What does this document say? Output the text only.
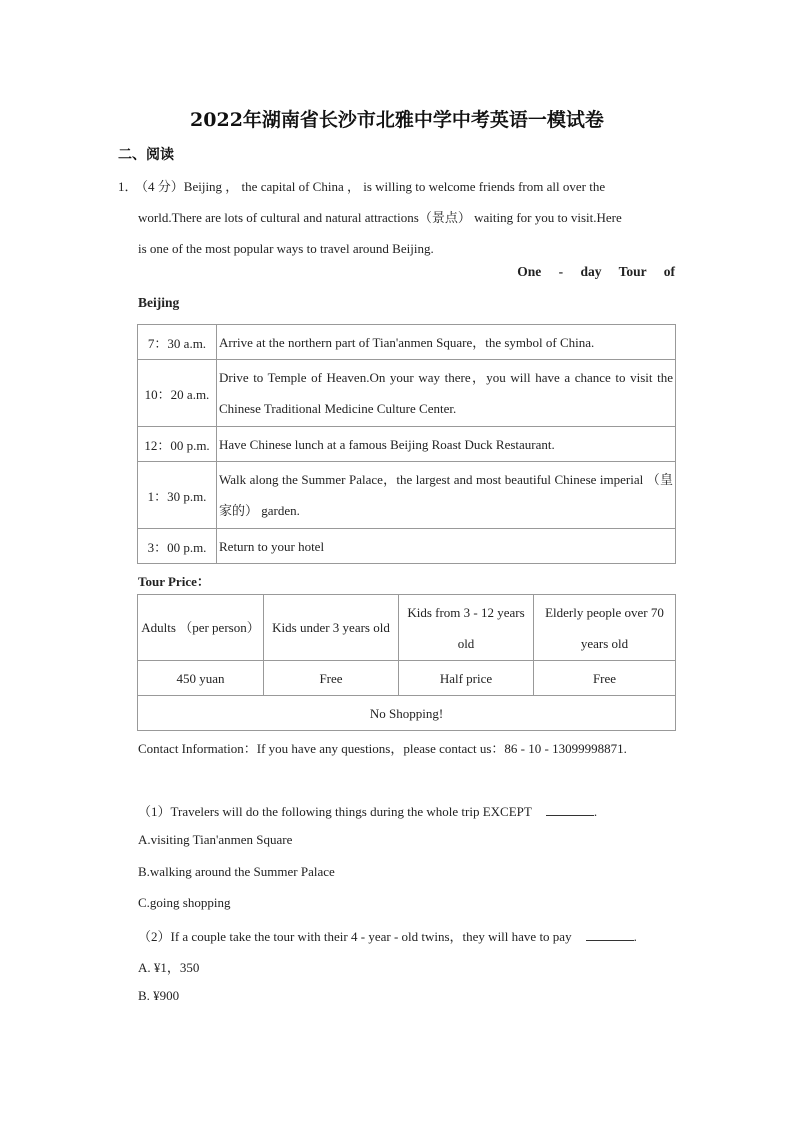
2022年湖南省长沙市北雅中学中考英语一模试卷
二、阅读
1． （4 分）Beijing ， the capital of China ， is willing to welcome friends from all over the
world.There are lots of cultural and natural attractions（景点） waiting for you to visit.Here
is one of the most popular ways to travel around Beijing.
One - day Tour of
Beijing
7：30 a.m.	Arrive at the northern part of Tian'anmen Square，the symbol of China.
10：20 a.m.	Drive to Temple of Heaven.On your way there，you will have a chance to visit the Chinese Traditional Medicine Culture Center.
12：00 p.m.	Have Chinese lunch at a famous Beijing Roast Duck Restaurant.
1：30 p.m.	Walk along the Summer Palace，the largest and most beautiful Chinese imperial （皇家的） garden.
3：00 p.m.	Return to your hotel
Tour Price：
Adults （per person）	Kids under 3 years old	Kids from 3 - 12 years old	Elderly people over 70 years old
450 yuan	Free	Half price	Free
No Shopping!			
Contact Information：If you have any questions，please contact us：86 - 10 - 13099998871.
（1）Travelers will do the following things during the whole trip EXCEPT	.
A.visiting Tian'anmen Square
B.walking around the Summer Palace
C.going shopping
（2）If a couple take the tour with their 4 - year - old twins，they will have to pay	.
A. ¥1，350
B. ¥900
